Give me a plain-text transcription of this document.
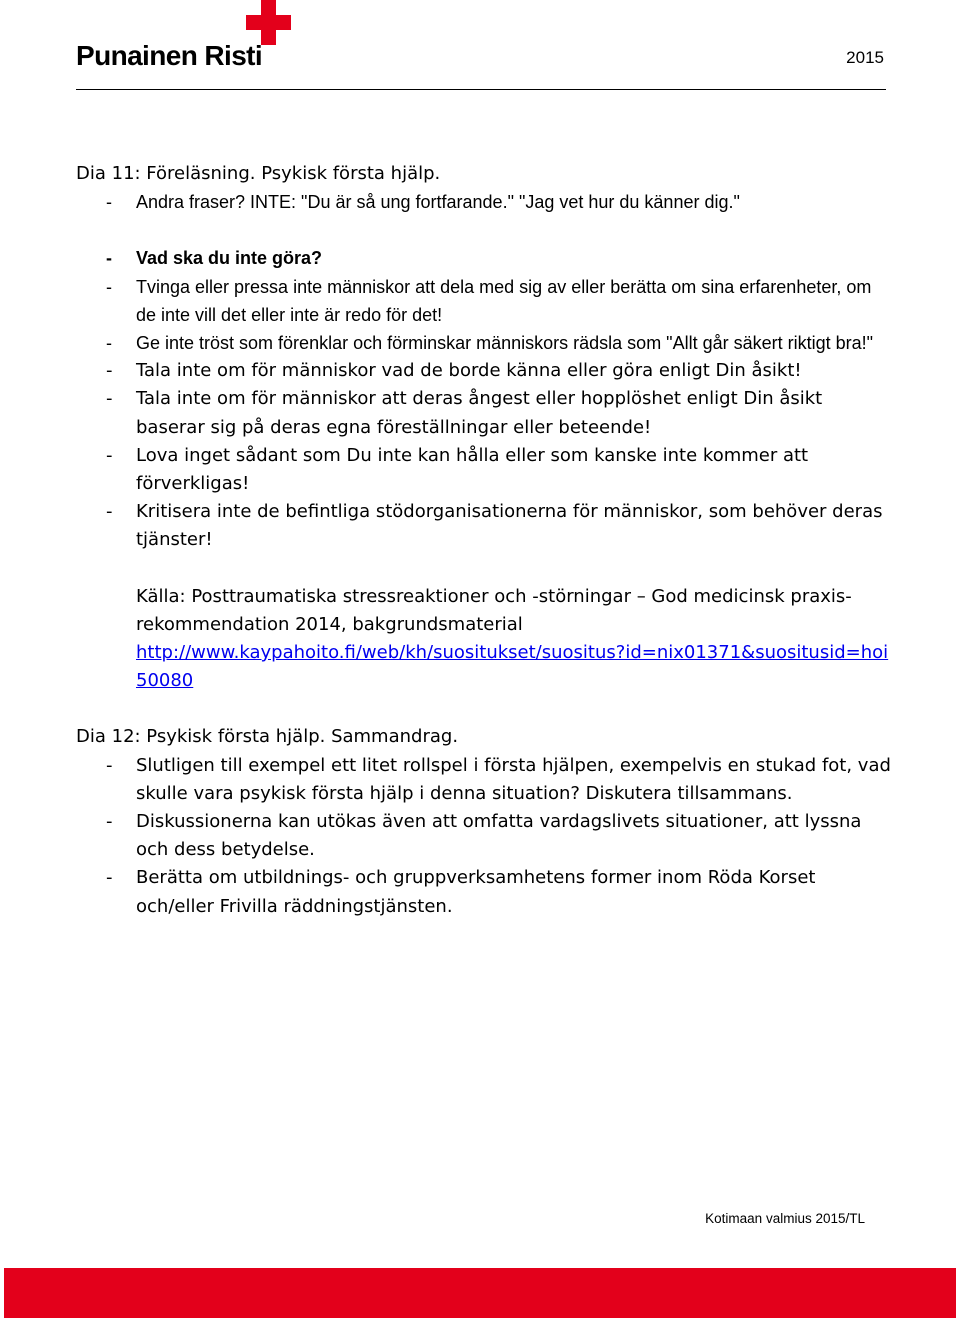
Punainen Risti	2015
Dia 11: Föreläsning. Psykisk första hjälp.
-	Andra fraser? INTE: "Du är så ung fortfarande." "Jag vet hur du känner dig."
-	Vad ska du inte göra?
-	Tvinga eller pressa inte människor att dela med sig av eller berätta om sina erfarenheter, om de inte vill det eller inte är redo för det!
-	Ge inte tröst som förenklar och förminskar människors rädsla som "Allt går säkert riktigt bra!"
-	Tala inte om för människor vad de borde känna eller göra enligt Din åsikt!
-	Tala inte om för människor att deras ångest eller hopplöshet enligt Din åsikt baserar sig på deras egna föreställningar eller beteende!
-	Lova inget sådant som Du inte kan hålla eller som kanske inte kommer att förverkligas!
-	Kritisera inte de befintliga stödorganisationerna för människor, som behöver deras tjänster!
Källa: Posttraumatiska stressreaktioner och -störningar – God medicinsk praxis-rekommendation 2014, bakgrundsmaterial
http://www.kaypahoito.fi/web/kh/suositukset/suositus?id=nix01371&suositusid=hoi50080
Dia 12: Psykisk första hjälp. Sammandrag.
-	Slutligen till exempel ett litet rollspel i första hjälpen, exempelvis en stukad fot, vad skulle vara psykisk första hjälp i denna situation? Diskutera tillsammans.
-	Diskussionerna kan utökas även att omfatta vardagslivets situationer, att lyssna och dess betydelse.
-	Berätta om utbildnings- och gruppverksamhetens former inom Röda Korset och/eller Frivilla räddningstjänsten.
Kotimaan valmius 2015/TL
